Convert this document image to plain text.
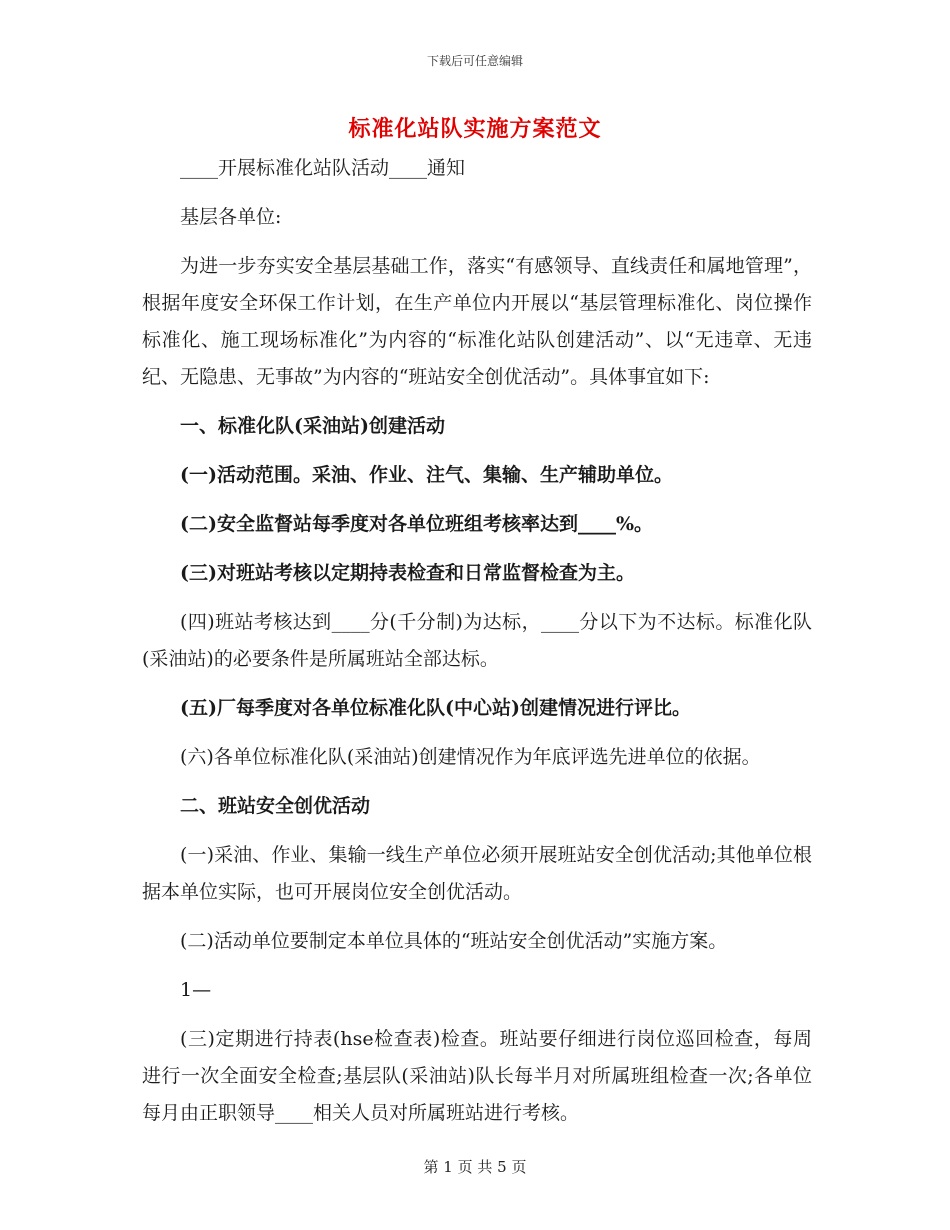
下载后可任意编辑
标准化站队实施方案范文

____开展标准化站队活动____通知

基层各单位:

为进一步夯实安全基层基础工作，落实“有感领导、直线责任和属地管理”，根据年度安全环保工作计划，在生产单位内开展以“基层管理标准化、岗位操作标准化、施工现场标准化”为内容的“标准化站队创建活动”、以“无违章、无违纪、无隐患、无事故”为内容的“班站安全创优活动”。具体事宜如下:

一、标准化队(采油站)创建活动

(一)活动范围。采油、作业、注气、集输、生产辅助单位。

(二)安全监督站每季度对各单位班组考核率达到____%。

(三)对班站考核以定期持表检查和日常监督检查为主。

(四)班站考核达到____分(千分制)为达标，____分以下为不达标。标准化队(采油站)的必要条件是所属班站全部达标。

(五)厂每季度对各单位标准化队(中心站)创建情况进行评比。

(六)各单位标准化队(采油站)创建情况作为年底评选先进单位的依据。

二、班站安全创优活动

(一)采油、作业、集输一线生产单位必须开展班站安全创优活动;其他单位根据本单位实际，也可开展岗位安全创优活动。

(二)活动单位要制定本单位具体的“班站安全创优活动”实施方案。

1—

(三)定期进行持表(hse检查表)检查。班站要仔细进行岗位巡回检查，每周进行一次全面安全检查;基层队(采油站)队长每半月对所属班组检查一次;各单位每月由正职领导____相关人员对所属班站进行考核。

第 1 页 共 5 页
